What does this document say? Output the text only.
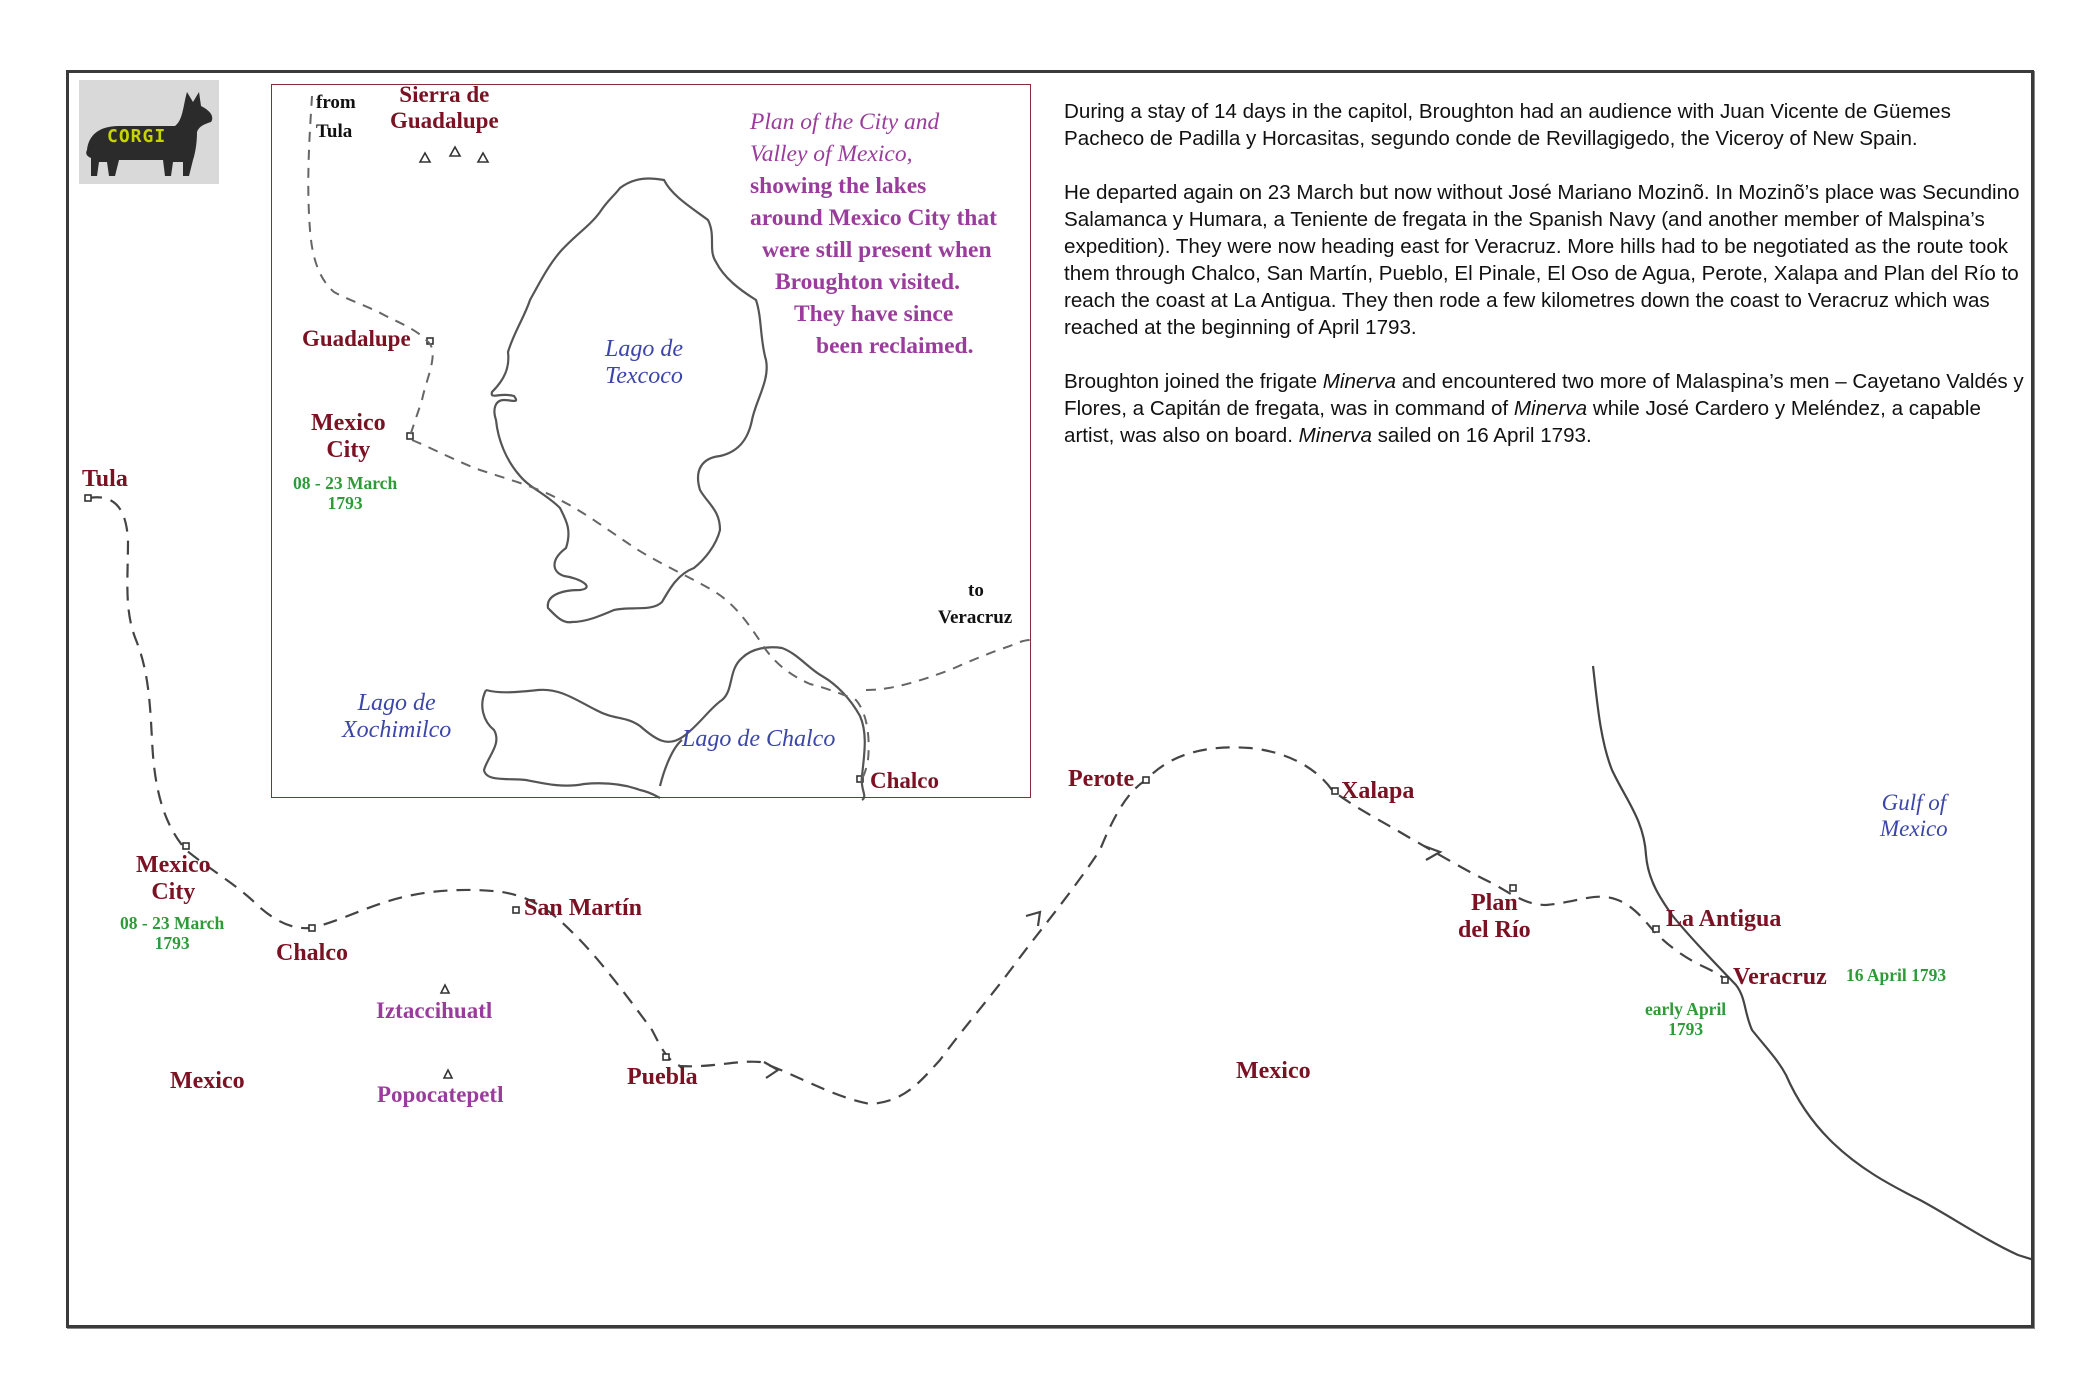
CORGI
from
Tula
Sierra de
Guadalupe
Guadalupe
Mexico
City
08 - 23 March
1793
Lago de
Texcoco
Lago de
Xochimilco	Lago de Chalco
Chalco
to
Veracruz
Plan of the City and
Valley of Mexico,
showing the lakes
around Mexico City that
were still present when
Broughton visited.
They have since
been reclaimed.
Tula
Mexico
City
08 - 23 March
1793	Chalco
San Martín
Iztaccihuatl
Popocatepetl
Mexico	Puebla
Perote	Xalapa
Mexico
Plan
del Río	La Antigua
Veracruz 16 April 1793
early April
1793
Gulf of
Mexico

During a stay of 14 days in the capitol, Broughton had an audience with Juan Vicente de Güemes Pacheco de Padilla y Horcasitas, segundo conde de Revillagigedo, the Viceroy of New Spain.

He departed again on 23 March but now without José Mariano Mozinõ. In Mozinõ’s place was Secundino Salamanca y Humara, a Teniente de fregata in the Spanish Navy (and another member of Malspina’s expedition). They were now heading east for Veracruz. More hills had to be negotiated as the route took them through Chalco, San Martín, Pueblo, El Pinale, El Oso de Agua, Perote, Xalapa and Plan del Río to reach the coast at La Antigua. They then rode a few kilometres down the coast to Veracruz which was reached at the beginning of April 1793.

Broughton joined the frigate Minerva and encountered two more of Malaspina’s men – Cayetano Valdés y Flores, a Capitán de fregata, was in command of Minerva while José Cardero y Meléndez, a capable artist, was also on board. Minerva sailed on 16 April 1793.
